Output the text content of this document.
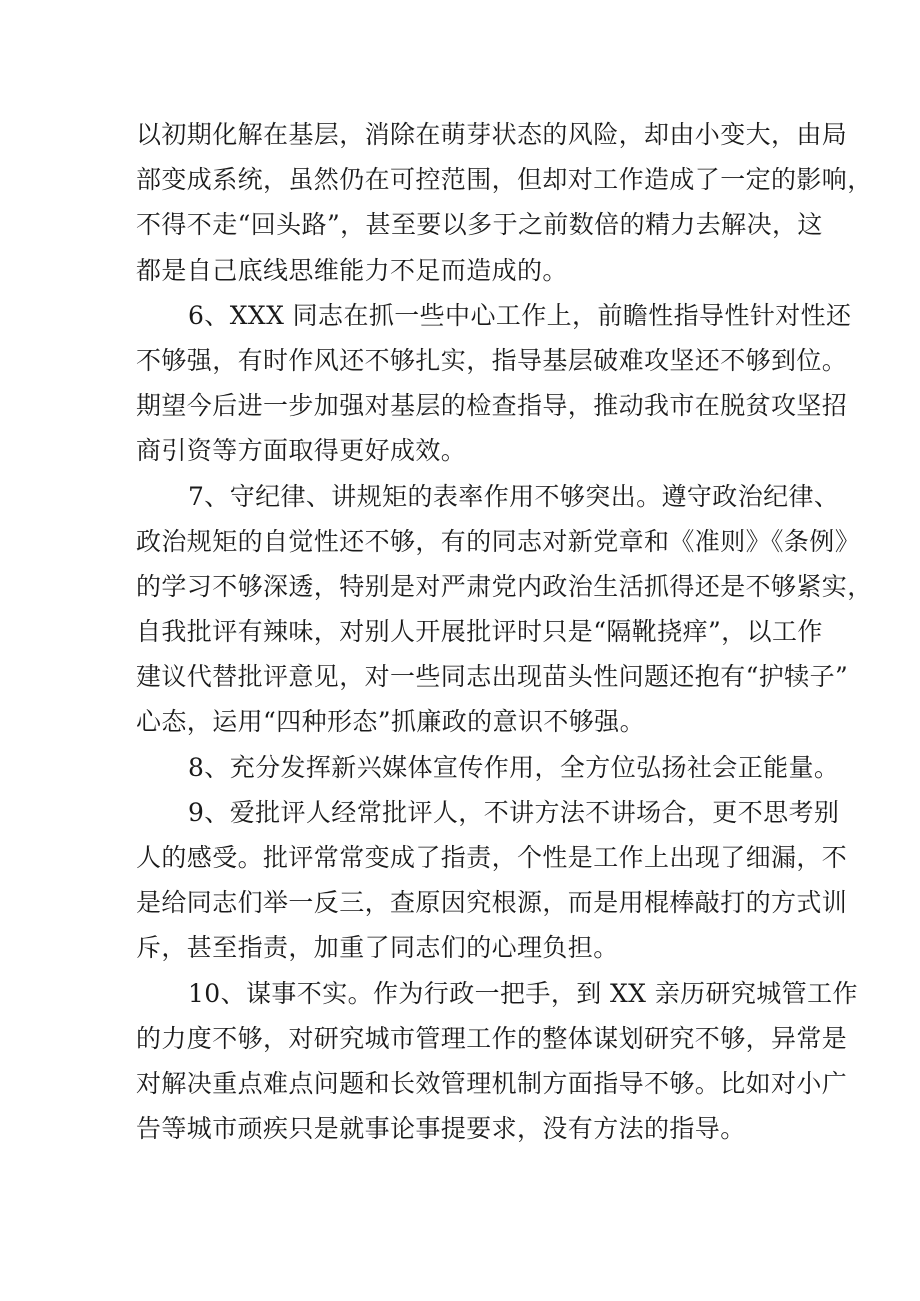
以初期化解在基层，消除在萌芽状态的风险，却由小变大，由局
部变成系统，虽然仍在可控范围，但却对工作造成了一定的影响，
不得不走“回头路”，甚至要以多于之前数倍的精力去解决，这
都是自己底线思维能力不足而造成的。
6、XXX 同志在抓一些中心工作上，前瞻性指导性针对性还
不够强，有时作风还不够扎实，指导基层破难攻坚还不够到位。
期望今后进一步加强对基层的检查指导，推动我市在脱贫攻坚招
商引资等方面取得更好成效。
7、守纪律、讲规矩的表率作用不够突出。遵守政治纪律、
政治规矩的自觉性还不够，有的同志对新党章和《准则》《条例》
的学习不够深透，特别是对严肃党内政治生活抓得还是不够紧实，
自我批评有辣味，对别人开展批评时只是“隔靴挠痒”，以工作
建议代替批评意见，对一些同志出现苗头性问题还抱有“护犊子”
心态，运用“四种形态”抓廉政的意识不够强。
8、充分发挥新兴媒体宣传作用，全方位弘扬社会正能量。
9、爱批评人经常批评人，不讲方法不讲场合，更不思考别
人的感受。批评常常变成了指责，个性是工作上出现了细漏，不
是给同志们举一反三，查原因究根源，而是用棍棒敲打的方式训
斥，甚至指责，加重了同志们的心理负担。
10、谋事不实。作为行政一把手，到 XX 亲历研究城管工作
的力度不够，对研究城市管理工作的整体谋划研究不够，异常是
对解决重点难点问题和长效管理机制方面指导不够。比如对小广
告等城市顽疾只是就事论事提要求，没有方法的指导。
